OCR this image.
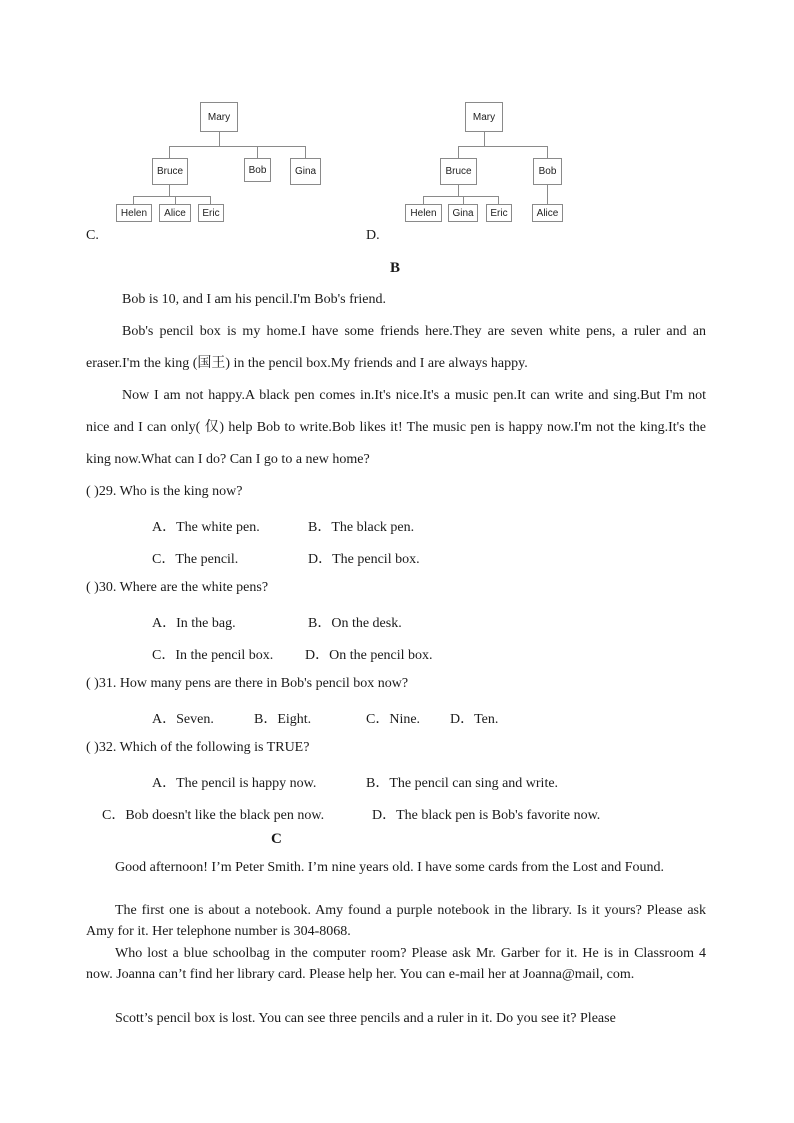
Mary
Bruce	Bob	Gina
Helen	Alice	Eric
C.
Mary
Bruce	Bob
Helen	Gina	Eric	Alice
D.
B
Bob is 10, and I am his pencil.I'm Bob's friend.
Bob's pencil box is my home.I have some friends here.They are seven white pens, a ruler and an eraser.I'm the king (国王) in the pencil box.My friends and I are always happy.
Now I am not happy.A black pen comes in.It's nice.It's a music pen.It can write and sing.But I'm not nice and I can only( 仅) help Bob to write.Bob likes it! The music pen is happy now.I'm not the king.It's the king now.What can I do? Can I go to a new home?
( )29. Who is the king now?
A．The white pen.	B．The black pen.
C．The pencil.	D．The pencil box.
( )30. Where are the white pens?
A．In the bag.	B．On the desk.
C．In the pencil box. D．On the pencil box.
( )31. How many pens are there in Bob's pencil box now?
A．Seven.	B．Eight.	C．Nine. D．Ten.
( )32. Which of the following is TRUE?
A．The pencil is happy now.	B．The pencil can sing and write.
C．Bob doesn't like the black pen now.	D．The black pen is Bob's favorite now.
C
Good afternoon! I’m Peter Smith. I’m nine years old. I have some cards from the Lost and Found.
The first one is about a notebook. Amy found a purple notebook in the library. Is it yours? Please ask Amy for it. Her telephone number is 304-8068.
Who lost a blue schoolbag in the computer room? Please ask Mr. Garber for it. He is in Classroom 4 now. Joanna can’t find her library card. Please help her. You can e-mail her at Joanna@mail, com.
Scott’s pencil box is lost. You can see three pencils and a ruler in it. Do you see it? Please
